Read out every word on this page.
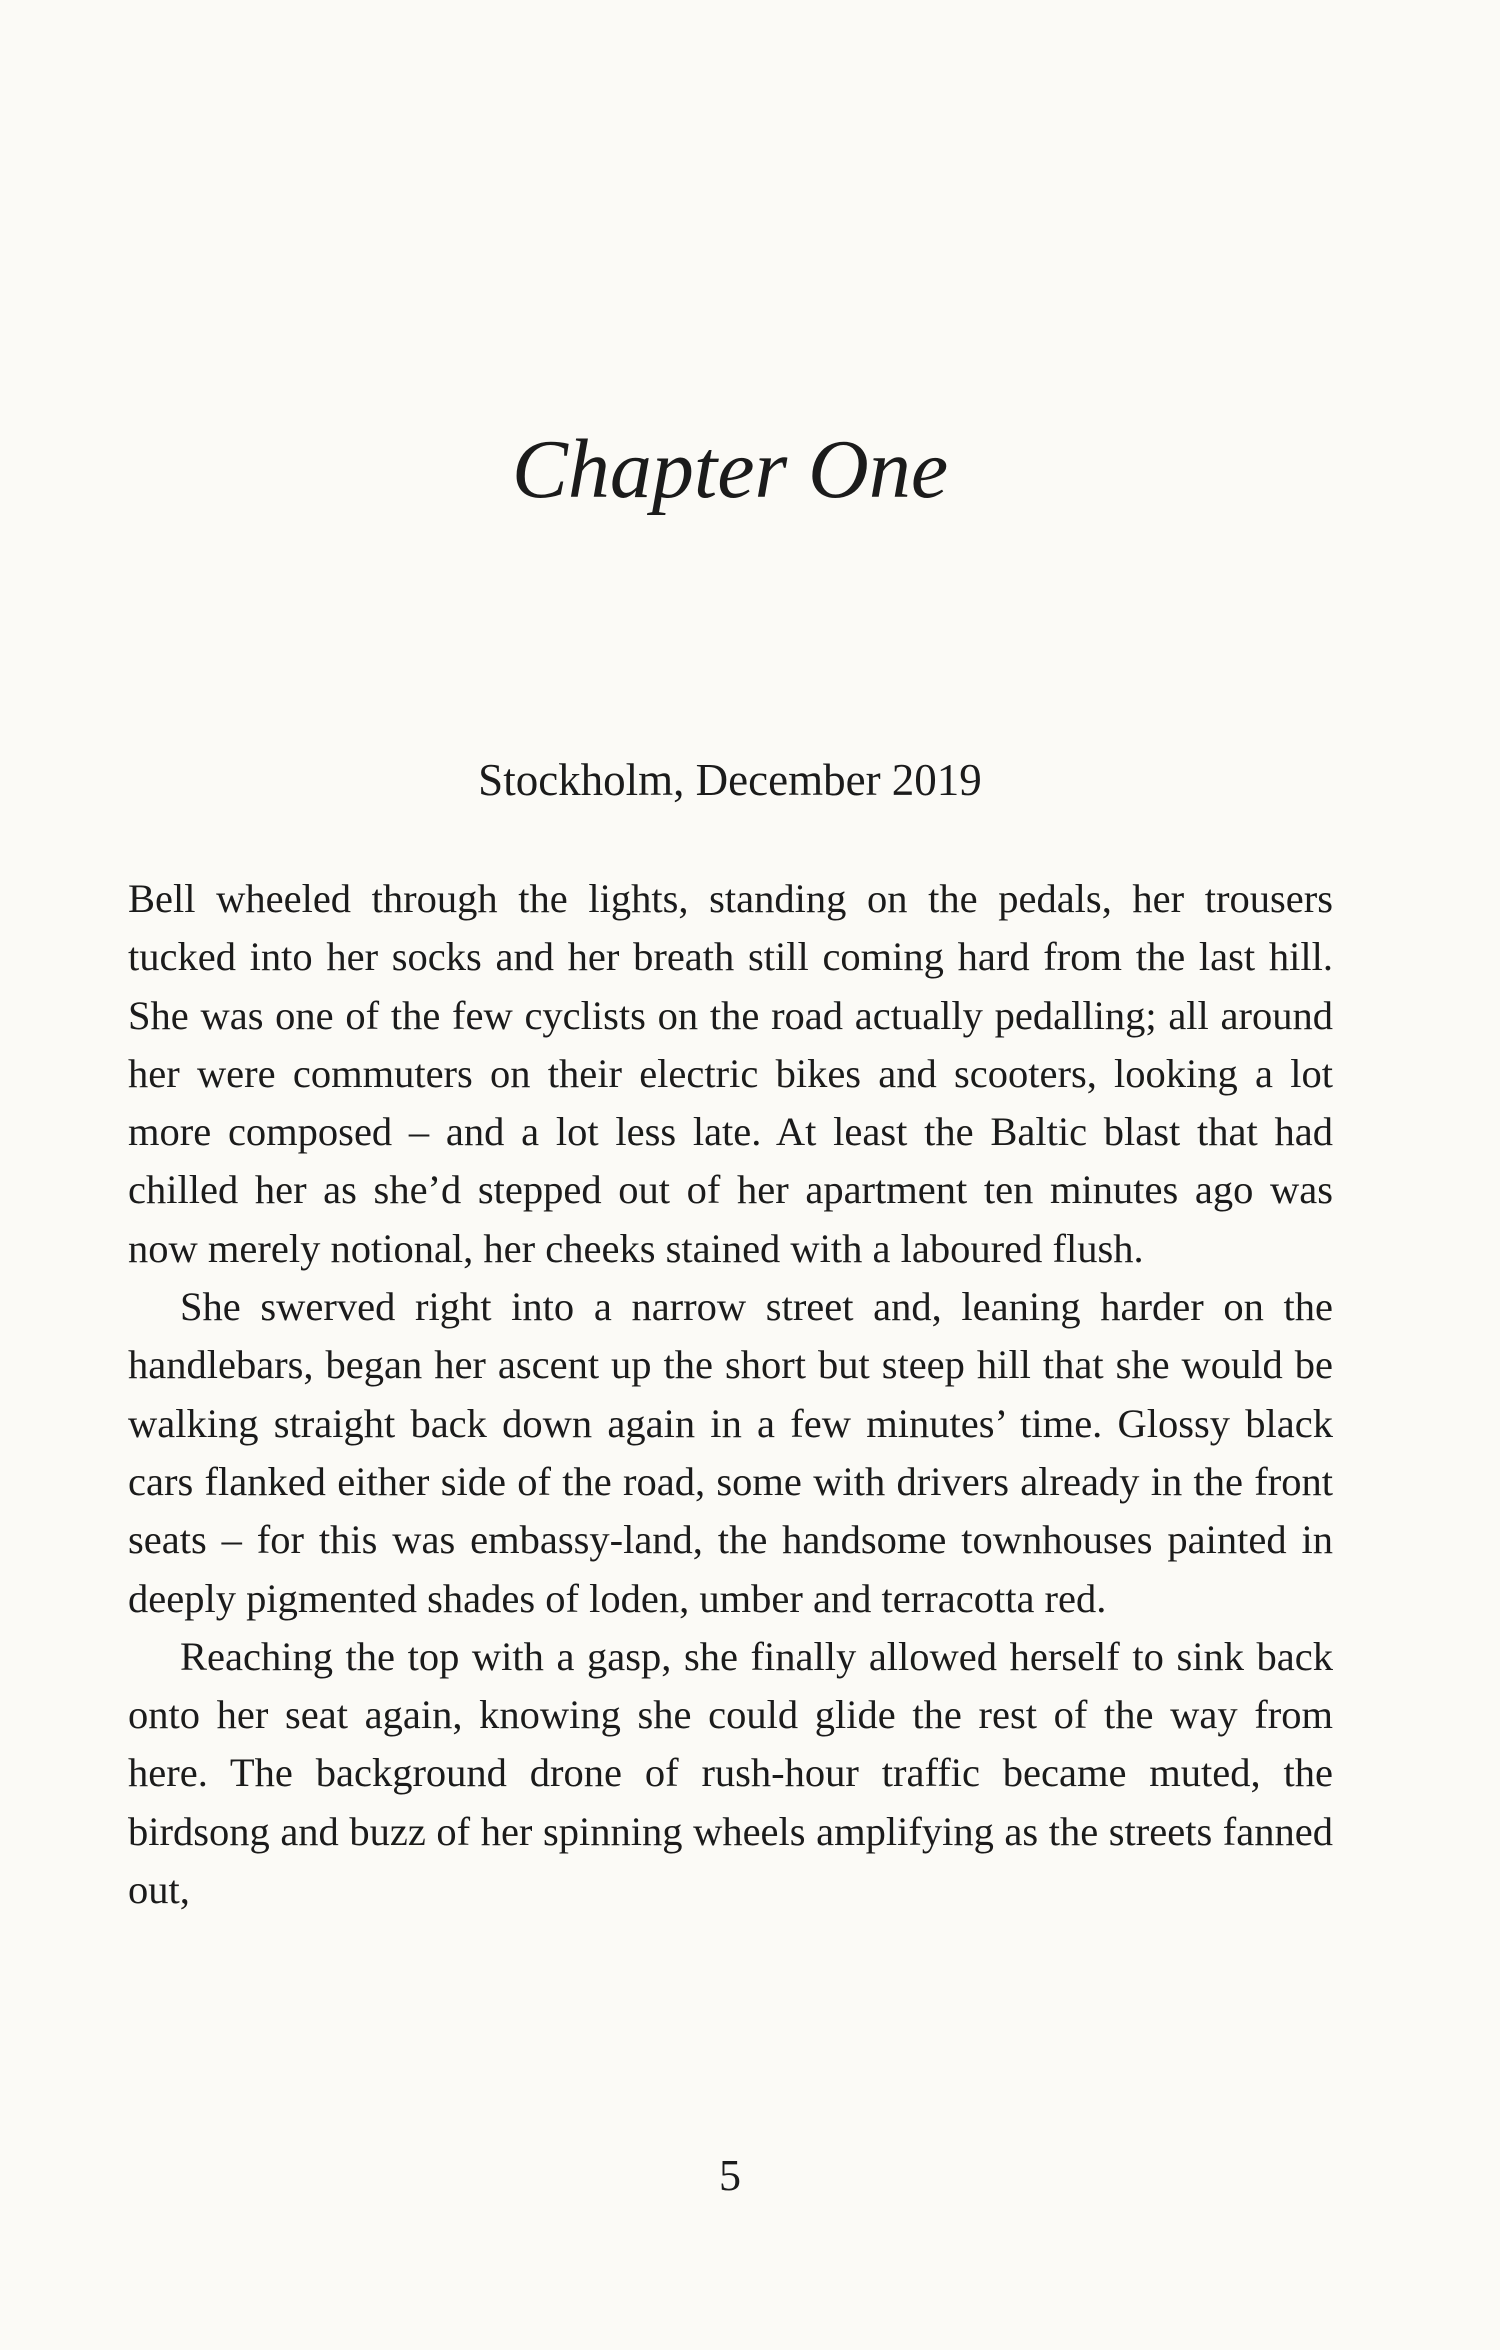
Chapter One
Stockholm, December 2019

Bell wheeled through the lights, standing on the pedals, her trousers tucked into her socks and her breath still coming hard from the last hill. She was one of the few cyclists on the road actually pedalling; all around her were commuters on their electric bikes and scooters, looking a lot more composed – and a lot less late. At least the Baltic blast that had chilled her as she’d stepped out of her apartment ten minutes ago was now merely notional, her cheeks stained with a laboured flush.

She swerved right into a narrow street and, leaning harder on the handlebars, began her ascent up the short but steep hill that she would be walking straight back down again in a few minutes’ time. Glossy black cars flanked either side of the road, some with drivers already in the front seats – for this was embassy-land, the handsome townhouses painted in deeply pigmented shades of loden, umber and terracotta red.

Reaching the top with a gasp, she finally allowed herself to sink back onto her seat again, knowing she could glide the rest of the way from here. The background drone of rush-hour traffic became muted, the birdsong and buzz of her spinning wheels amplifying as the streets fanned out,

5
